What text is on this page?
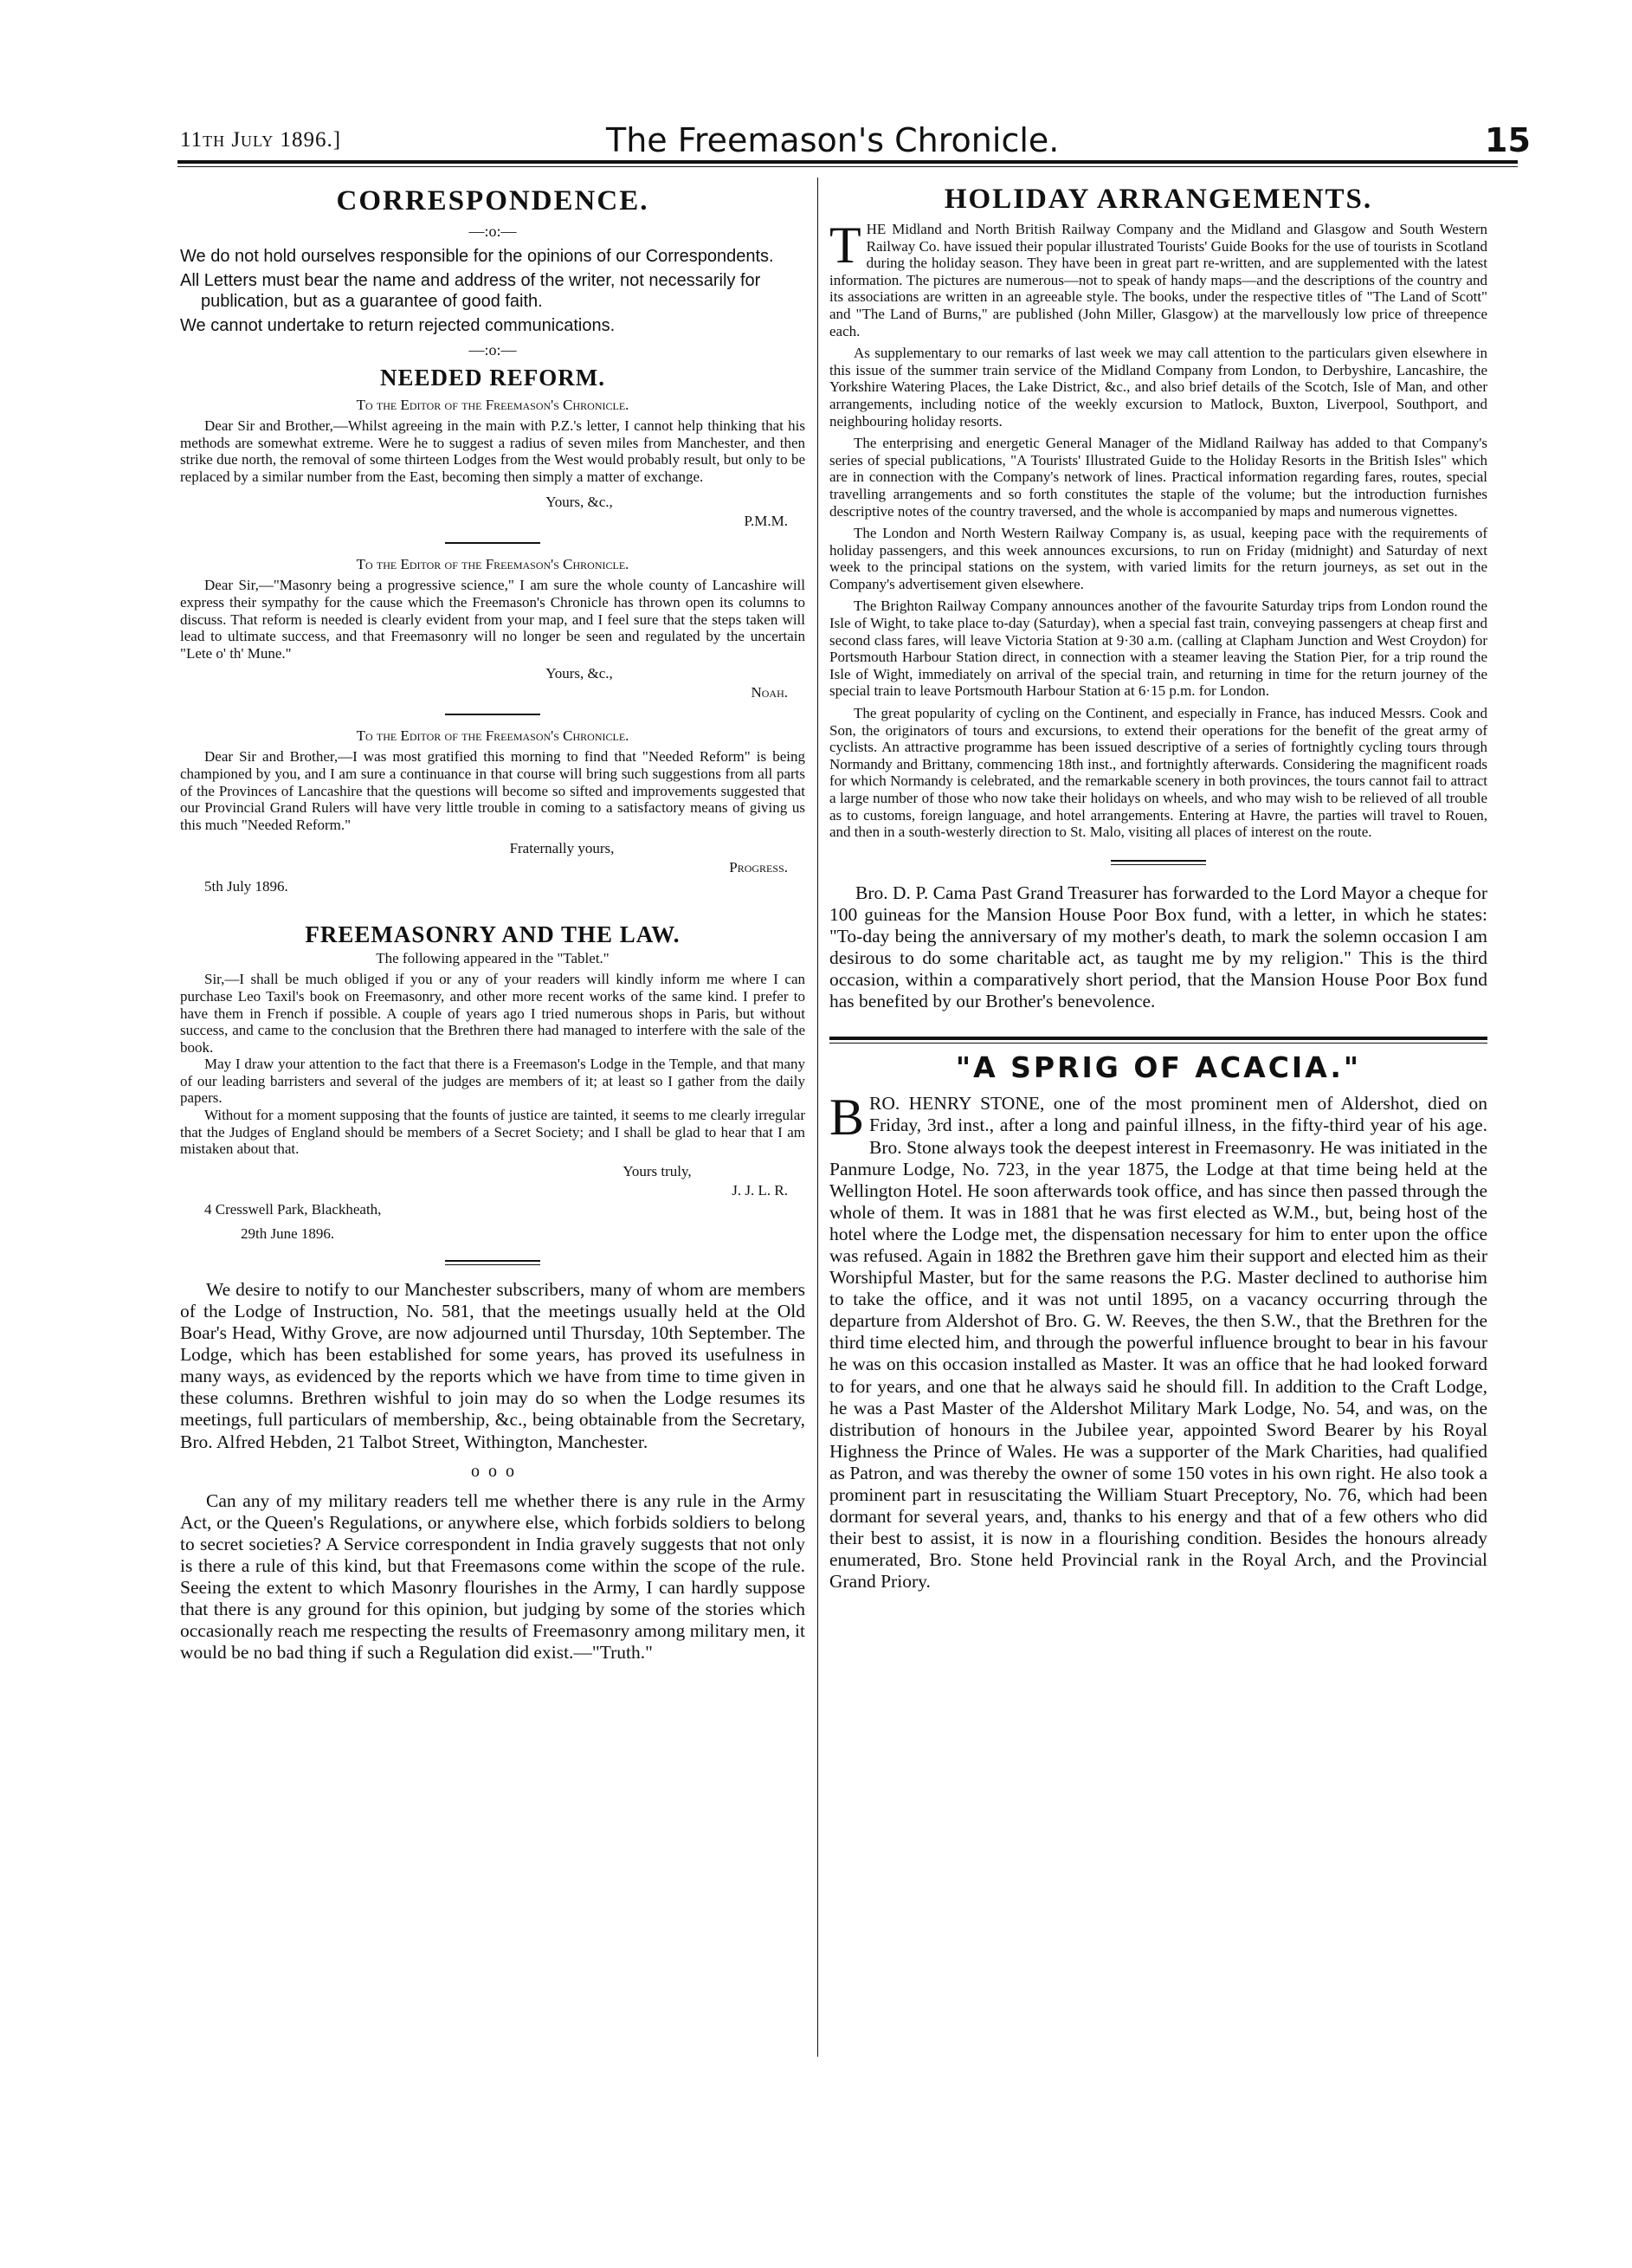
11th July 1896.]	The Freemason's Chronicle.	15
CORRESPONDENCE.
—:o:—

We do not hold ourselves responsible for the opinions of our Correspondents.

All Letters must bear the name and address of the writer, not necessarily for publication, but as a guarantee of good faith.

We cannot undertake to return rejected communications.

—:o:—
NEEDED REFORM.
To the Editor of the Freemason's Chronicle.

Dear Sir and Brother,—Whilst agreeing in the main with P.Z.'s letter, I cannot help thinking that his methods are somewhat extreme. Were he to suggest a radius of seven miles from Manchester, and then strike due north, the removal of some thirteen Lodges from the West would probably result, but only to be replaced by a similar number from the East, becoming then simply a matter of exchange.

Yours, &c.,
P.M.M.
To the Editor of the Freemason's Chronicle.

Dear Sir,—"Masonry being a progressive science," I am sure the whole county of Lancashire will express their sympathy for the cause which the Freemason's Chronicle has thrown open its columns to discuss. That reform is needed is clearly evident from your map, and I feel sure that the steps taken will lead to ultimate success, and that Freemasonry will no longer be seen and regulated by the uncertain "Lete o' th' Mune."

Yours, &c.,
Noah.
To the Editor of the Freemason's Chronicle.

Dear Sir and Brother,—I was most gratified this morning to find that "Needed Reform" is being championed by you, and I am sure a continuance in that course will bring such suggestions from all parts of the Provinces of Lancashire that the questions will become so sifted and improvements suggested that our Provincial Grand Rulers will have very little trouble in coming to a satisfactory means of giving us this much "Needed Reform."

Fraternally yours,
Progress.
5th July 1896.
FREEMASONRY AND THE LAW.
The following appeared in the "Tablet."

Sir,—I shall be much obliged if you or any of your readers will kindly inform me where I can purchase Leo Taxil's book on Freemasonry, and other more recent works of the same kind. I prefer to have them in French if possible. A couple of years ago I tried numerous shops in Paris, but without success, and came to the conclusion that the Brethren there had managed to interfere with the sale of the book.

May I draw your attention to the fact that there is a Freemason's Lodge in the Temple, and that many of our leading barristers and several of the judges are members of it; at least so I gather from the daily papers.

Without for a moment supposing that the founts of justice are tainted, it seems to me clearly irregular that the Judges of England should be members of a Secret Society; and I shall be glad to hear that I am mistaken about that.

Yours truly,
J. J. L. R.
4 Cresswell Park, Blackheath,
29th June 1896.

We desire to notify to our Manchester subscribers, many of whom are members of the Lodge of Instruction, No. 581, that the meetings usually held at the Old Boar's Head, Withy Grove, are now adjourned until Thursday, 10th September. The Lodge, which has been established for some years, has proved its usefulness in many ways, as evidenced by the reports which we have from time to time given in these columns. Brethren wishful to join may do so when the Lodge resumes its meetings, full particulars of membership, &c., being obtainable from the Secretary, Bro. Alfred Hebden, 21 Talbot Street, Withington, Manchester.

o  o  o

Can any of my military readers tell me whether there is any rule in the Army Act, or the Queen's Regulations, or anywhere else, which forbids soldiers to belong to secret societies? A Service correspondent in India gravely suggests that not only is there a rule of this kind, but that Freemasons come within the scope of the rule. Seeing the extent to which Masonry flourishes in the Army, I can hardly suppose that there is any ground for this opinion, but judging by some of the stories which occasionally reach me respecting the results of Freemasonry among military men, it would be no bad thing if such a Regulation did exist.—"Truth."

HOLIDAY ARRANGEMENTS.
T HE Midland and North British Railway Company and the Midland and Glasgow and South Western Railway Co. have issued their popular illustrated Tourists' Guide Books for the use of tourists in Scotland during the holiday season. They have been in great part re-written, and are supplemented with the latest information. The pictures are numerous—not to speak of handy maps—and the descriptions of the country and its associations are written in an agreeable style. The books, under the respective titles of "The Land of Scott" and "The Land of Burns," are published (John Miller, Glasgow) at the marvellously low price of threepence each.

As supplementary to our remarks of last week we may call attention to the particulars given elsewhere in this issue of the summer train service of the Midland Company from London, to Derbyshire, Lancashire, the Yorkshire Watering Places, the Lake District, &c., and also brief details of the Scotch, Isle of Man, and other arrangements, including notice of the weekly excursion to Matlock, Buxton, Liverpool, Southport, and neighbouring holiday resorts.

The enterprising and energetic General Manager of the Midland Railway has added to that Company's series of special publications, "A Tourists' Illustrated Guide to the Holiday Resorts in the British Isles" which are in connection with the Company's network of lines. Practical information regarding fares, routes, special travelling arrangements and so forth constitutes the staple of the volume; but the introduction furnishes descriptive notes of the country traversed, and the whole is accompanied by maps and numerous vignettes.

The London and North Western Railway Company is, as usual, keeping pace with the requirements of holiday passengers, and this week announces excursions, to run on Friday (midnight) and Saturday of next week to the principal stations on the system, with varied limits for the return journeys, as set out in the Company's advertisement given elsewhere.

The Brighton Railway Company announces another of the favourite Saturday trips from London round the Isle of Wight, to take place to-day (Saturday), when a special fast train, conveying passengers at cheap first and second class fares, will leave Victoria Station at 9·30 a.m. (calling at Clapham Junction and West Croydon) for Portsmouth Harbour Station direct, in connection with a steamer leaving the Station Pier, for a trip round the Isle of Wight, immediately on arrival of the special train, and returning in time for the return journey of the special train to leave Portsmouth Harbour Station at 6·15 p.m. for London.

The great popularity of cycling on the Continent, and especially in France, has induced Messrs. Cook and Son, the originators of tours and excursions, to extend their operations for the benefit of the great army of cyclists. An attractive programme has been issued descriptive of a series of fortnightly cycling tours through Normandy and Brittany, commencing 18th inst., and fortnightly afterwards. Considering the magnificent roads for which Normandy is celebrated, and the remarkable scenery in both provinces, the tours cannot fail to attract a large number of those who now take their holidays on wheels, and who may wish to be relieved of all trouble as to customs, foreign language, and hotel arrangements. Entering at Havre, the parties will travel to Rouen, and then in a south-westerly direction to St. Malo, visiting all places of interest on the route.

Bro. D. P. Cama Past Grand Treasurer has forwarded to the Lord Mayor a cheque for 100 guineas for the Mansion House Poor Box fund, with a letter, in which he states: "To-day being the anniversary of my mother's death, to mark the solemn occasion I am desirous to do some charitable act, as taught me by my religion." This is the third occasion, within a comparatively short period, that the Mansion House Poor Box fund has benefited by our Brother's benevolence.

"A SPRIG OF ACACIA."
B RO. HENRY STONE, one of the most prominent men of Aldershot, died on Friday, 3rd inst., after a long and painful illness, in the fifty-third year of his age. Bro. Stone always took the deepest interest in Freemasonry. He was initiated in the Panmure Lodge, No. 723, in the year 1875, the Lodge at that time being held at the Wellington Hotel. He soon afterwards took office, and has since then passed through the whole of them. It was in 1881 that he was first elected as W.M., but, being host of the hotel where the Lodge met, the dispensation necessary for him to enter upon the office was refused. Again in 1882 the Brethren gave him their support and elected him as their Worshipful Master, but for the same reasons the P.G. Master declined to authorise him to take the office, and it was not until 1895, on a vacancy occurring through the departure from Aldershot of Bro. G. W. Reeves, the then S.W., that the Brethren for the third time elected him, and through the powerful influence brought to bear in his favour he was on this occasion installed as Master. It was an office that he had looked forward to for years, and one that he always said he should fill. In addition to the Craft Lodge, he was a Past Master of the Aldershot Military Mark Lodge, No. 54, and was, on the distribution of honours in the Jubilee year, appointed Sword Bearer by his Royal Highness the Prince of Wales. He was a supporter of the Mark Charities, had qualified as Patron, and was thereby the owner of some 150 votes in his own right. He also took a prominent part in resuscitating the William Stuart Preceptory, No. 76, which had been dormant for several years, and, thanks to his energy and that of a few others who did their best to assist, it is now in a flourishing condition. Besides the honours already enumerated, Bro. Stone held Provincial rank in the Royal Arch, and the Provincial Grand Priory.
